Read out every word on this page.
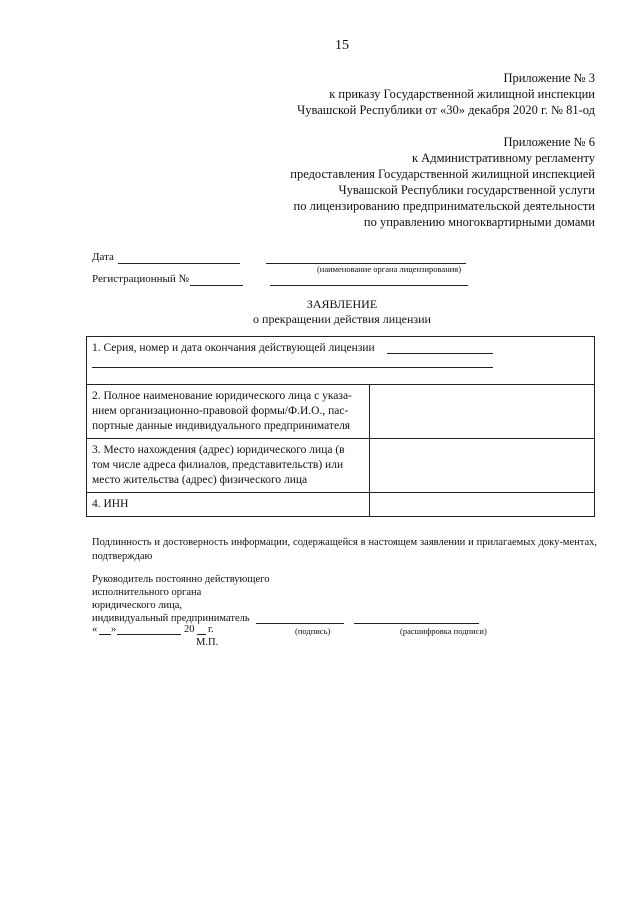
15
Приложение № 3
к приказу Государственной жилищной инспекции
Чувашской Республики от «30» декабря 2020 г. № 81-од
Приложение № 6
к Административному регламенту
предоставления Государственной жилищной инспекцией
Чувашской Республики государственной услуги
по лицензированию предпринимательской деятельности
по управлению многоквартирными домами
Дата
(наименование органа лицензирования)
Регистрационный №
ЗАЯВЛЕНИЕ
о прекращении действия лицензии
1. Серия, номер и дата окончания действующей лицензии	

2. Полное наименование юридического лица с указа-нием организационно-правовой формы/Ф.И.О., пас-портные данные индивидуального предпринимателя	
3. Место нахождения (адрес) юридического лица (в том числе адреса филиалов, представительств) или место жительства (адрес) физического лица	
4. ИНН	
Подлинность и достоверность информации, содержащейся в настоящем заявлении и прилагаемых доку-ментах, подтверждаю
Руководитель постоянно действующего
исполнительного органа
юридического лица,
индивидуальный предприниматель
« »	20 г.	(подпись)	(расшифровка подписи)
М.П.
